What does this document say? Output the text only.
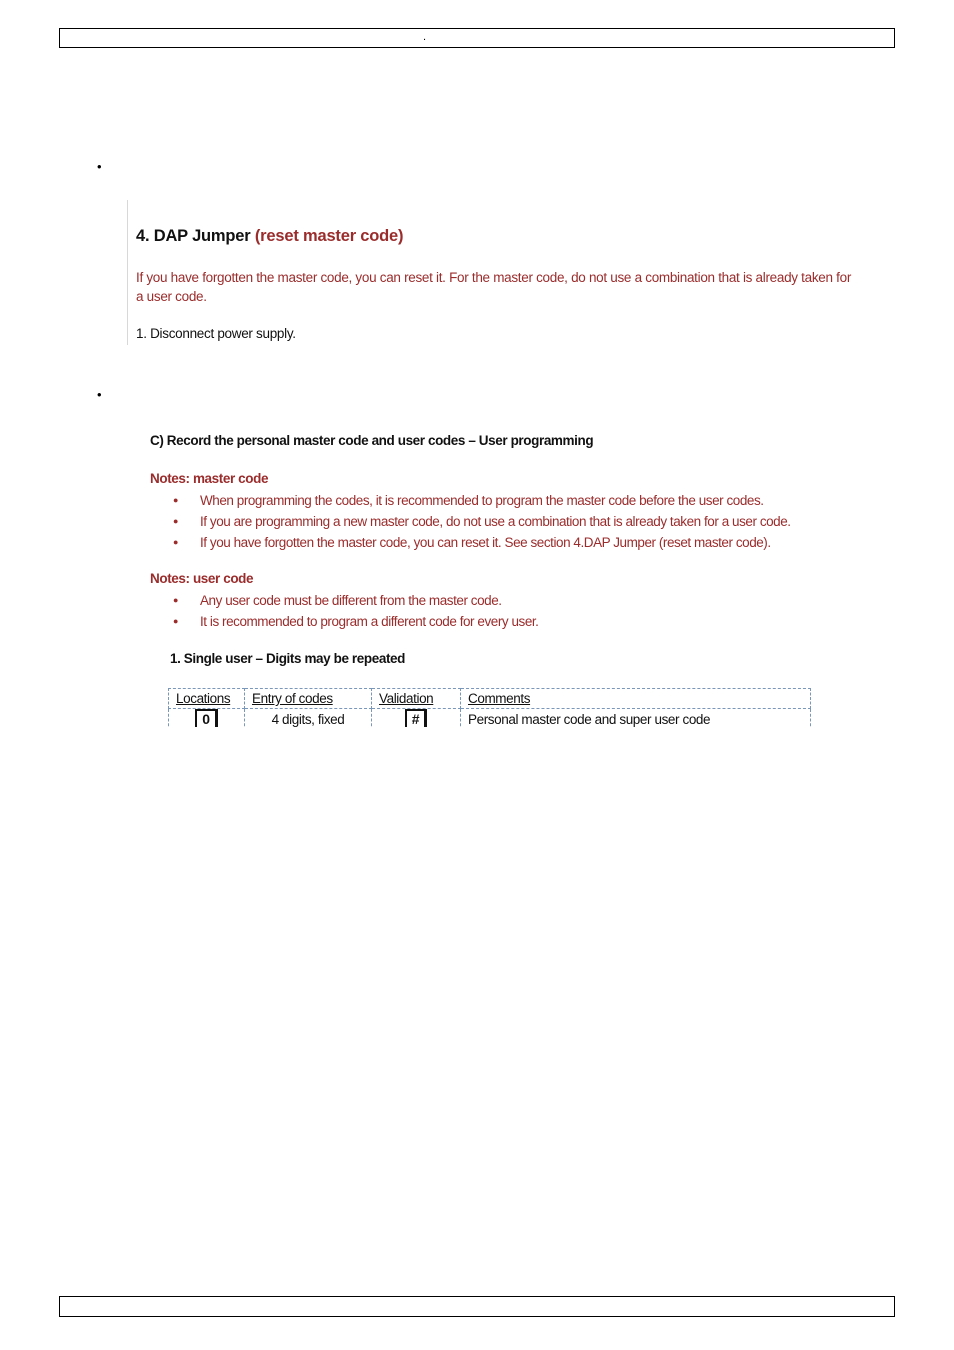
.
•
4. DAP Jumper (reset master code)
If you have forgotten the master code, you can reset it. For the master code, do not use a combination that is already taken for a user code.
1. Disconnect power supply.
•
C) Record the personal master code and user codes – User programming
Notes: master code
● When programming the codes, it is recommended to program the master code before the user codes.
● If you are programming a new master code, do not use a combination that is already taken for a user code.
● If you have forgotten the master code, you can reset it. See section 4.DAP Jumper (reset master code).
Notes: user code
● Any user code must be different from the master code.
● It is recommended to program a different code for every user.
1. Single user – Digits may be repeated
Locations	Entry of codes	Validation	Comments
0	4 digits, fixed	#	Personal master code and super user code
